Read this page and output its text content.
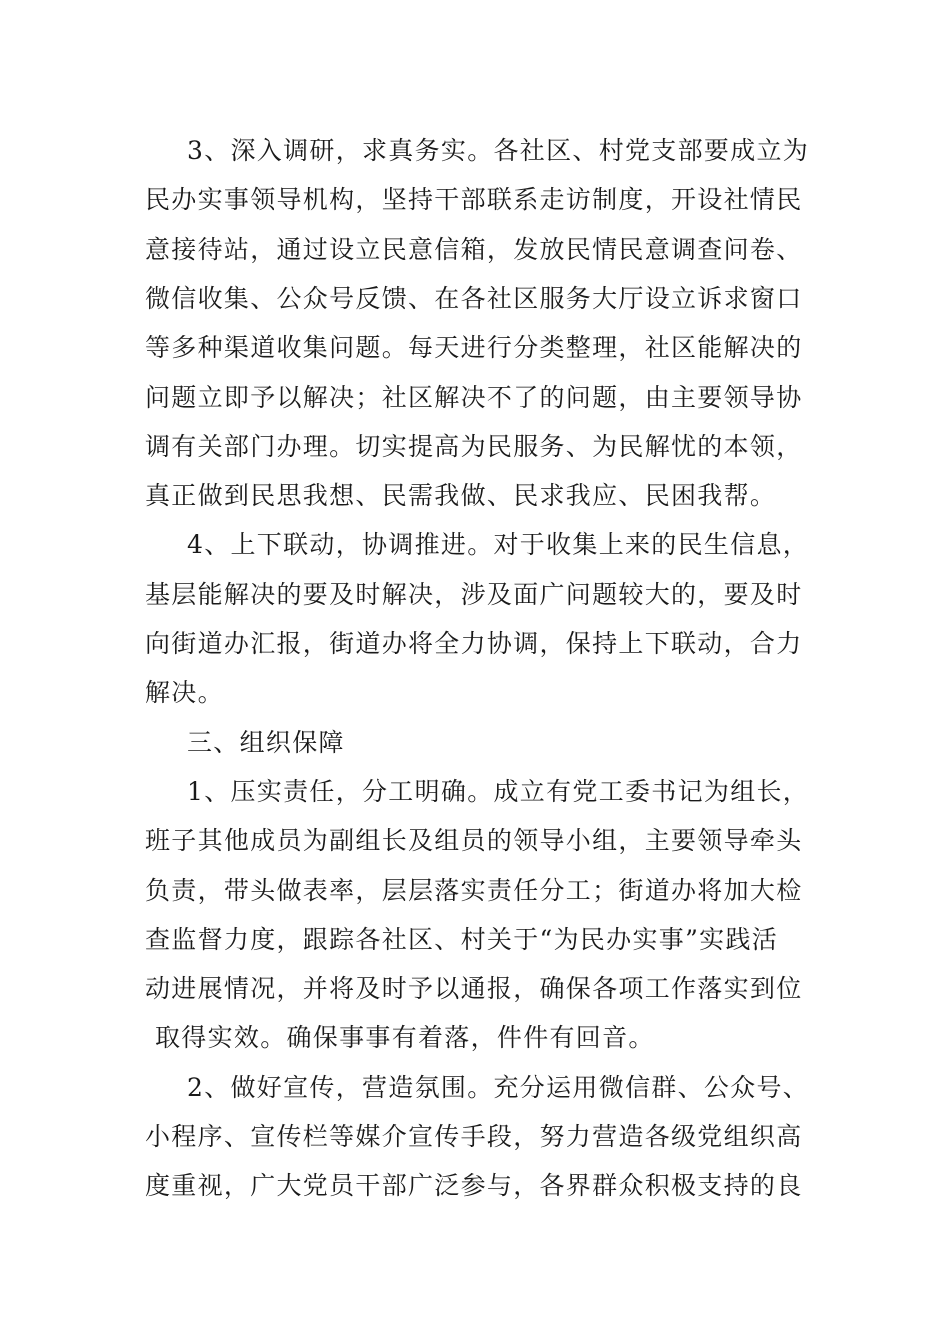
3、深入调研，求真务实。各社区、村党支部要成立为
民办实事领导机构，坚持干部联系走访制度，开设社情民
意接待站，通过设立民意信箱，发放民情民意调查问卷、
微信收集、公众号反馈、在各社区服务大厅设立诉求窗口
等多种渠道收集问题。每天进行分类整理，社区能解决的
问题立即予以解决；社区解决不了的问题，由主要领导协
调有关部门办理。切实提高为民服务、为民解忧的本领，
真正做到民思我想、民需我做、民求我应、民困我帮。
4、上下联动，协调推进。对于收集上来的民生信息，
基层能解决的要及时解决，涉及面广问题较大的，要及时
向街道办汇报，街道办将全力协调，保持上下联动，合力
解决。
三、组织保障
1、压实责任，分工明确。成立有党工委书记为组长，
班子其他成员为副组长及组员的领导小组，主要领导牵头
负责，带头做表率，层层落实责任分工；街道办将加大检
查监督力度，跟踪各社区、村关于“为民办实事”实践活
动进展情况，并将及时予以通报，确保各项工作落实到位
取得实效。确保事事有着落，件件有回音。
2、做好宣传，营造氛围。充分运用微信群、公众号、
小程序、宣传栏等媒介宣传手段，努力营造各级党组织高
度重视，广大党员干部广泛参与，各界群众积极支持的良
